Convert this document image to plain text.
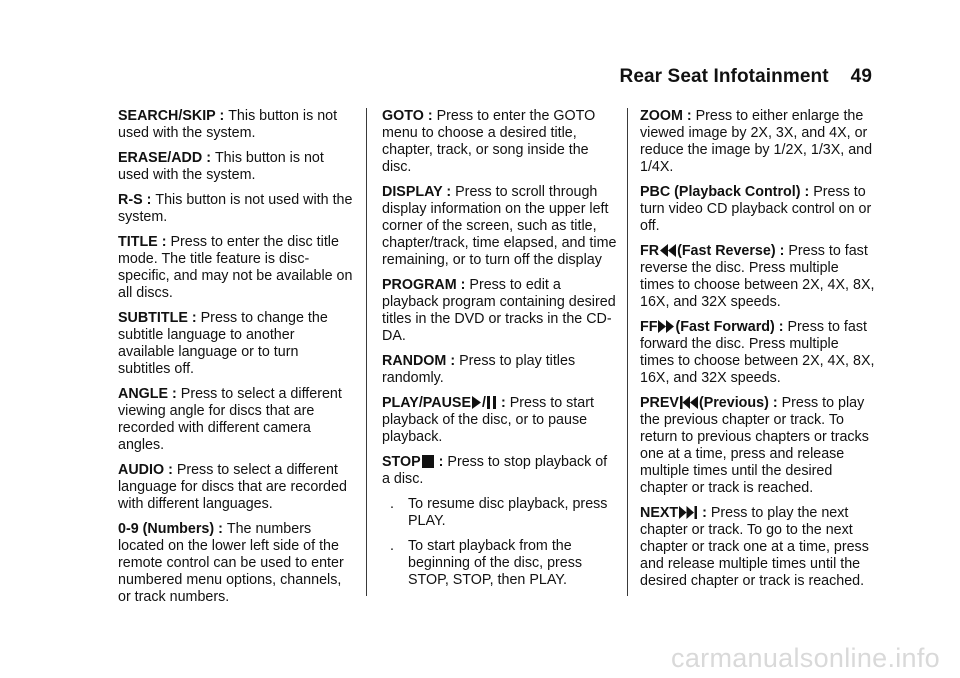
Rear Seat Infotainment 49

SEARCH/SKIP : This button is not used with the system.

ERASE/ADD : This button is not used with the system.

R-S : This button is not used with the system.

TITLE : Press to enter the disc title mode. The title feature is disc-specific, and may not be available on all discs.

SUBTITLE : Press to change the subtitle language to another available language or to turn subtitles off.

ANGLE : Press to select a different viewing angle for discs that are recorded with different camera angles.

AUDIO : Press to select a different language for discs that are recorded with different languages.

0-9 (Numbers) : The numbers located on the lower left side of the remote control can be used to enter numbered menu options, channels, or track numbers.

GOTO : Press to enter the GOTO menu to choose a desired title, chapter, track, or song inside the disc.

DISPLAY : Press to scroll through display information on the upper left corner of the screen, such as title, chapter/track, time elapsed, and time remaining, or to turn off the display

PROGRAM : Press to edit a playback program containing desired titles in the DVD or tracks in the CD-DA.

RANDOM : Press to play titles randomly.

PLAY/PAUSE / : Press to start playback of the disc, or to pause playback.

STOP : Press to stop playback of a disc.

. To resume disc playback, press PLAY.
. To start playback from the beginning of the disc, press STOP, STOP, then PLAY.

ZOOM : Press to either enlarge the viewed image by 2X, 3X, and 4X, or reduce the image by 1/2X, 1/3X, and 1/4X.

PBC (Playback Control) : Press to turn video CD playback control on or off.

FR (Fast Reverse) : Press to fast reverse the disc. Press multiple times to choose between 2X, 4X, 8X, 16X, and 32X speeds.

FF (Fast Forward) : Press to fast forward the disc. Press multiple times to choose between 2X, 4X, 8X, 16X, and 32X speeds.

PREV (Previous) : Press to play the previous chapter or track. To return to previous chapters or tracks one at a time, press and release multiple times until the desired chapter or track is reached.

NEXT : Press to play the next chapter or track. To go to the next chapter or track one at a time, press and release multiple times until the desired chapter or track is reached.

carmanualsonline.info
